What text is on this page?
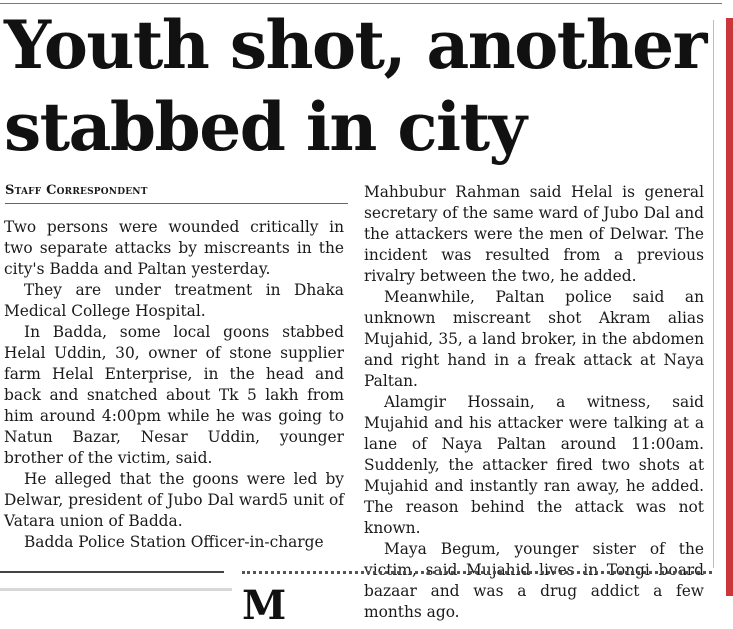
Youth shot, another stabbed in city
Staff Correspondent

Two persons were wounded critically in two separate attacks by miscreants in the city's Badda and Paltan yesterday.

They are under treatment in Dhaka Medical College Hospital.

In Badda, some local goons stabbed Helal Uddin, 30, owner of stone supplier farm Helal Enterprise, in the head and back and snatched about Tk 5 lakh from him around 4:00pm while he was going to Natun Bazar, Nesar Uddin, younger brother of the victim, said.

He alleged that the goons were led by Delwar, president of Jubo Dal ward5 unit of Vatara union of Badda.

Badda Police Station Officer-in-charge

Mahbubur Rahman said Helal is general secretary of the same ward of Jubo Dal and the attackers were the men of Delwar. The incident was resulted from a previous rivalry between the two, he added.

Meanwhile, Paltan police said an unknown miscreant shot Akram alias Mujahid, 35, a land broker, in the abdomen and right hand in a freak attack at Naya Paltan.

Alamgir Hossain, a witness, said Mujahid and his attacker were talking at a lane of Naya Paltan around 11:00am. Suddenly, the attacker fired two shots at Mujahid and instantly ran away, he added. The reason behind the attack was not known.

Maya Begum, younger sister of the victim, said Mujahid lives in Tongi board bazaar and was a drug addict a few months ago.

M
